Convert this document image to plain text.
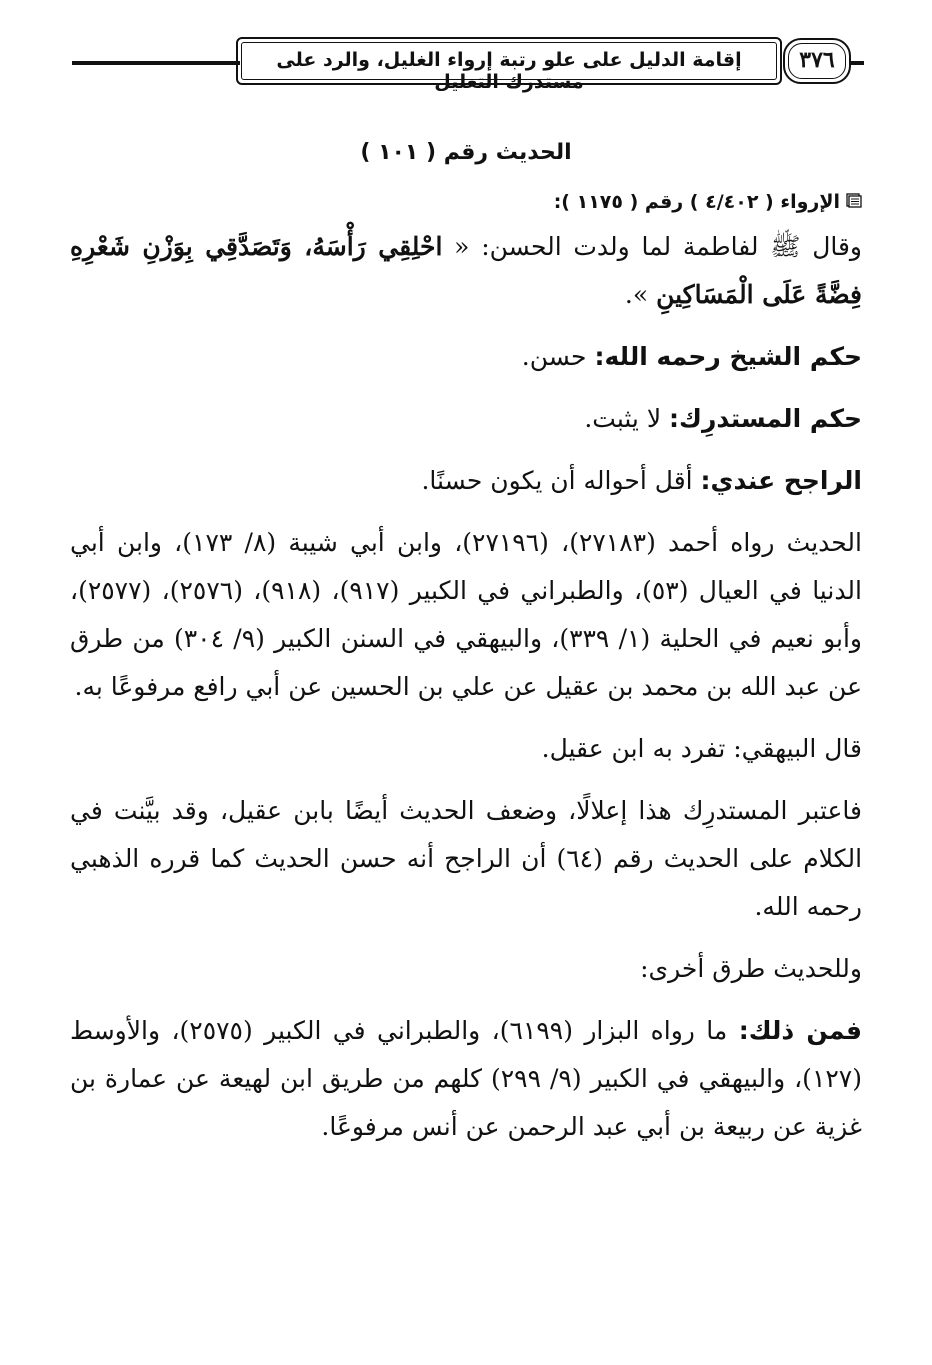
إقامة الدليل على علو رتبة إرواء الغليل، والرد على مستدرك التعليل
٣٧٦
الحديث رقم ( ١٠١ )
الإرواء ( ٤/٤٠٢ ) رقم ( ١١٧٥ ):

وقال ﷺ لفاطمة لما ولدت الحسن: « احْلِقِي رَأْسَهُ، وَتَصَدَّقِي بِوَزْنِ شَعْرِهِ فِضَّةً عَلَى الْمَسَاكِينِ ».

حكم الشيخ رحمه الله: حسن.

حكم المستدرِك: لا يثبت.

الراجح عندي: أقل أحواله أن يكون حسنًا.

الحديث رواه أحمد (٢٧١٨٣)، (٢٧١٩٦)، وابن أبي شيبة (٨/ ١٧٣)، وابن أبي الدنيا في العيال (٥٣)، والطبراني في الكبير (٩١٧)، (٩١٨)، (٢٥٧٦)، (٢٥٧٧)، وأبو نعيم في الحلية (١/ ٣٣٩)، والبيهقي في السنن الكبير (٩/ ٣٠٤) من طرق عن عبد الله بن محمد بن عقيل عن علي بن الحسين عن أبي رافع مرفوعًا به.

قال البيهقي: تفرد به ابن عقيل.

فاعتبر المستدرِك هذا إعلالًا، وضعف الحديث أيضًا بابن عقيل، وقد بيَّنت في الكلام على الحديث رقم (٦٤) أن الراجح أنه حسن الحديث كما قرره الذهبي رحمه الله.

وللحديث طرق أخرى:

فمن ذلك: ما رواه البزار (٦١٩٩)، والطبراني في الكبير (٢٥٧٥)، والأوسط (١٢٧)، والبيهقي في الكبير (٩/ ٢٩٩) كلهم من طريق ابن لهيعة عن عمارة بن غزية عن ربيعة بن أبي عبد الرحمن عن أنس مرفوعًا.
